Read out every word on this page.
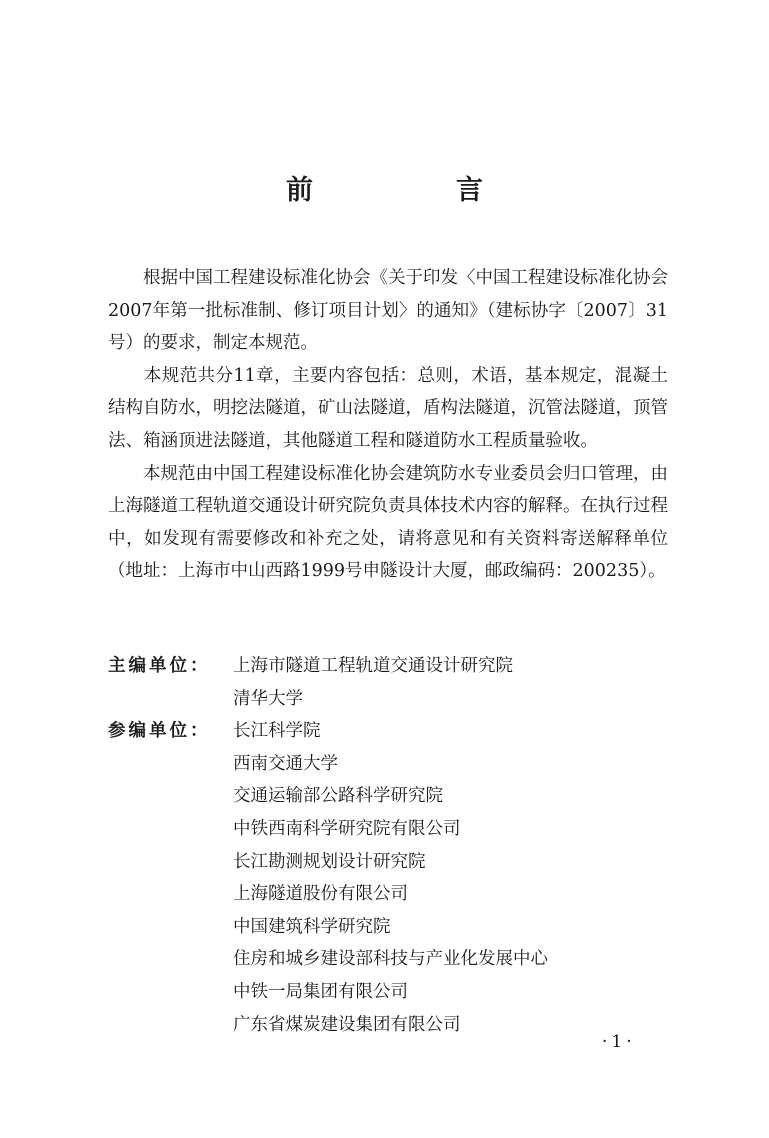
前　言

　　根据中国工程建设标准化协会《关于印发〈中国工程建设标准化协会2007年第一批标准制、修订项目计划〉的通知》（建标协字〔2007〕31号）的要求，制定本规范。

　　本规范共分11章，主要内容包括：总则，术语，基本规定，混凝土结构自防水，明挖法隧道，矿山法隧道，盾构法隧道，沉管法隧道，顶管法、箱涵顶进法隧道，其他隧道工程和隧道防水工程质量验收。

　　本规范由中国工程建设标准化协会建筑防水专业委员会归口管理，由上海隧道工程轨道交通设计研究院负责具体技术内容的解释。在执行过程中，如发现有需要修改和补充之处，请将意见和有关资料寄送解释单位（地址：上海市中山西路1999号申隧设计大厦，邮政编码：200235）。

主编单位：	上海市隧道工程轨道交通设计研究院
清华大学
参编单位：	长江科学院
西南交通大学
交通运输部公路科学研究院
中铁西南科学研究院有限公司
长江勘测规划设计研究院
上海隧道股份有限公司
中国建筑科学研究院
住房和城乡建设部科技与产业化发展中心
中铁一局集团有限公司
广东省煤炭建设集团有限公司
·1·
